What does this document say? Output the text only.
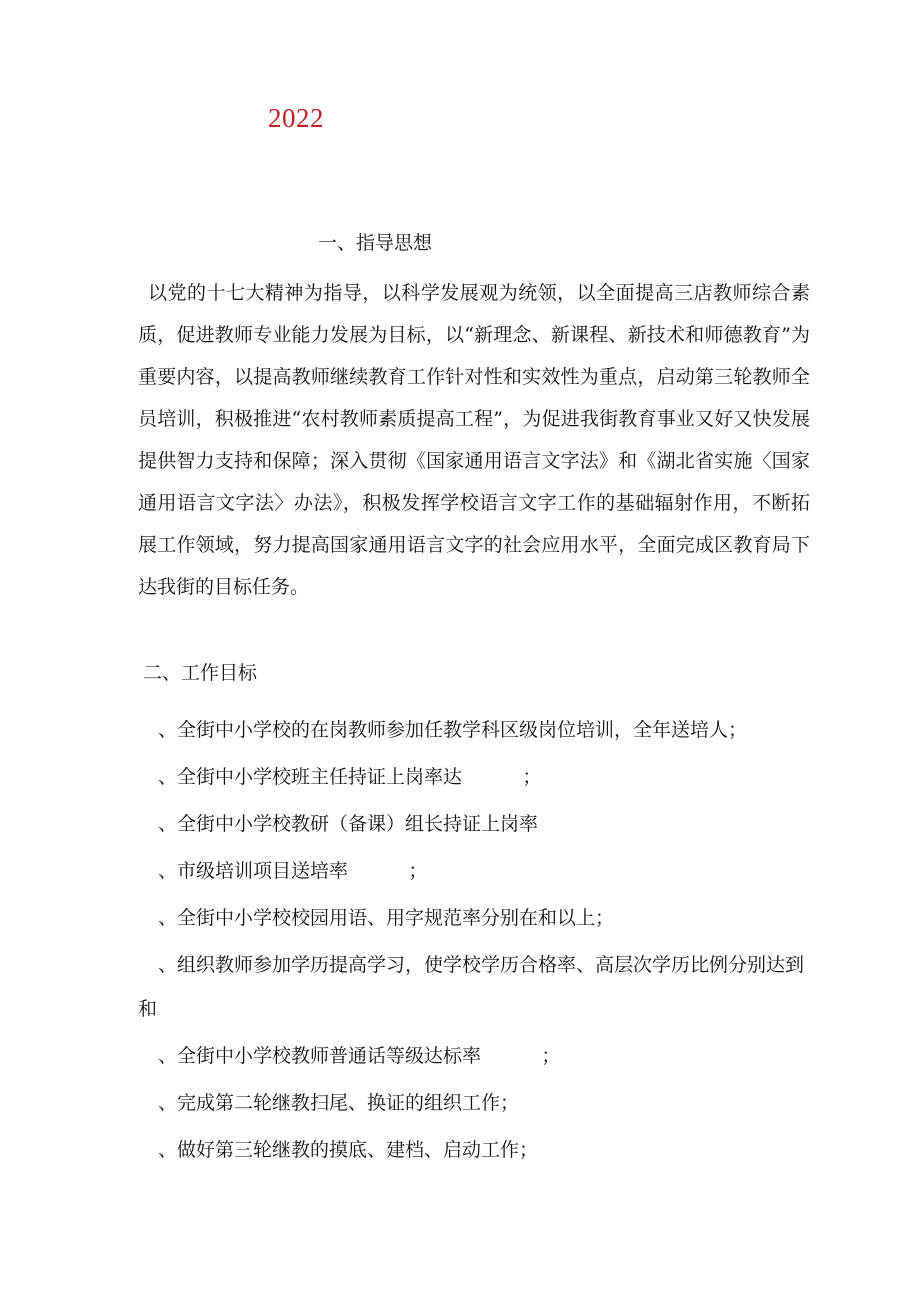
2022
一、指导思想

以党的十七大精神为指导，以科学发展观为统领，以全面提高三店教师综合素质，促进教师专业能力发展为目标，以“新理念、新课程、新技术和师德教育”为重要内容，以提高教师继续教育工作针对性和实效性为重点，启动第三轮教师全员培训，积极推进“农村教师素质提高工程”，为促进我街教育事业又好又快发展提供智力支持和保障；深入贯彻《国家通用语言文字法》和《湖北省实施〈国家通用语言文字法〉办法》，积极发挥学校语言文字工作的基础辐射作用，不断拓展工作领域，努力提高国家通用语言文字的社会应用水平，全面完成区教育局下达我街的目标任务。

二、工作目标
、全街中小学校的在岗教师参加任教学科区级岗位培训，全年送培人；
、全街中小学校班主任持证上岗率达          ；
、全街中小学校教研（备课）组长持证上岗率
、市级培训项目送培率          ；
、全街中小学校校园用语、用字规范率分别在和以上；
、组织教师参加学历提高学习，使学校学历合格率、高层次学历比例分别达到和
、全街中小学校教师普通话等级达标率          ；
、完成第二轮继教扫尾、换证的组织工作；
、做好第三轮继教的摸底、建档、启动工作；
